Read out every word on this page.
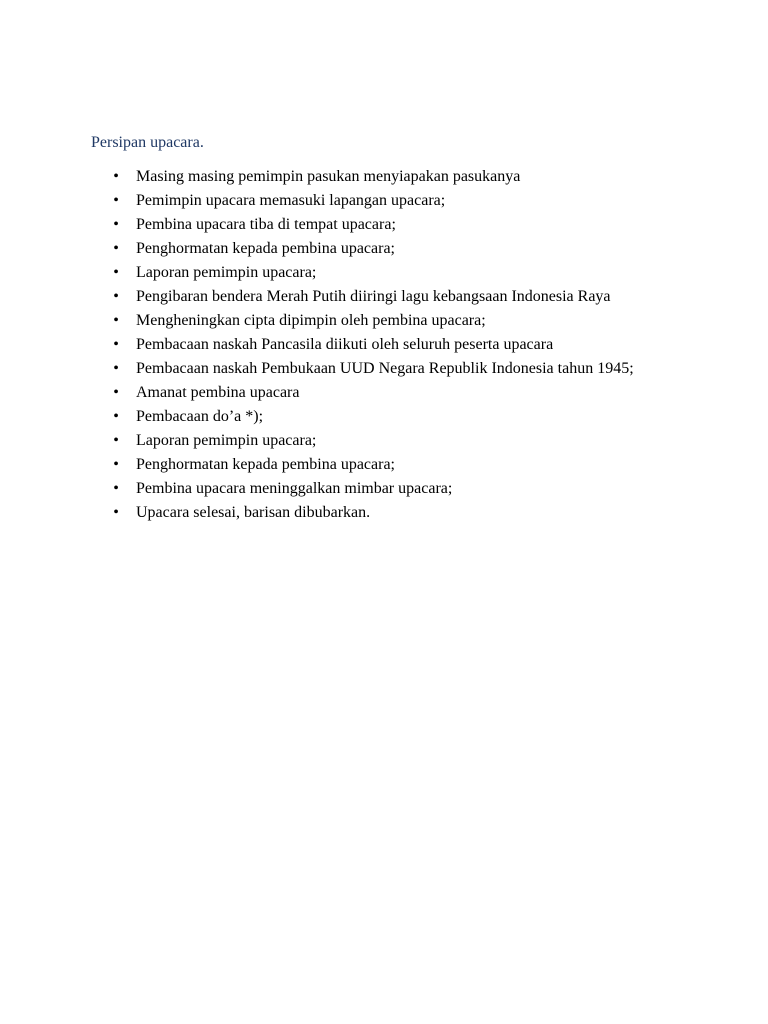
Persipan upacara.

• Masing masing pemimpin pasukan menyiapakan pasukanya
• Pemimpin upacara memasuki lapangan upacara;
• Pembina upacara tiba di tempat upacara;
• Penghormatan kepada pembina upacara;
• Laporan pemimpin upacara;
• Pengibaran bendera Merah Putih diiringi lagu kebangsaan Indonesia Raya
• Mengheningkan cipta dipimpin oleh pembina upacara;
• Pembacaan naskah Pancasila diikuti oleh seluruh peserta upacara
• Pembacaan naskah Pembukaan UUD Negara Republik Indonesia tahun 1945;
• Amanat pembina upacara
• Pembacaan do’a *);
• Laporan pemimpin upacara;
• Penghormatan kepada pembina upacara;
• Pembina upacara meninggalkan mimbar upacara;
• Upacara selesai, barisan dibubarkan.
